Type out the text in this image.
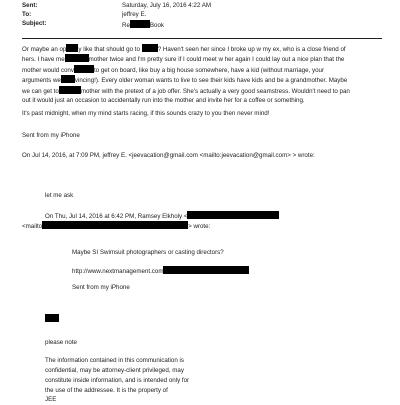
Sent:	Saturday, July 16, 2016 4:22 AM
To:	jeffrey E.
Subject:	Re	Book
Or maybe an op y like that should go to	? Haven't seen her since I broke up w my ex, who is a close friend of
hers. I have me	mother twice and I'm pretty sure if I could meet w her again I could lay out a nice plan that the
mother would conv	to get on board, like buy a big house somewhere, have a kid (without marriage, your
arguments we vincing!). Every older woman wants to live to see their kids have kids and be a grandmother. Maybe
we can get to	mother with the pretext of a job offer. She's actually a very good seamstress. Wouldn't need to pan
out it would just an occasion to accidentally run into the mother and invite her for a coffee or something.
It's past midnight, when my mind starts racing, if this sounds crazy to you then never mind!
Sent from my iPhone
On Jul 14, 2016, at 7:09 PM, jeffrey E. <jeevacation@gmail.com <mailto:jeevacation@gmail.com> > wrote:
let me ask
On Thu, Jul 14, 2016 at 6:42 PM, Ramsey Elkholy <
<mailto	> wrote:
Maybe SI Swimsuit photographers or casting directors?
http://www.nextmanagement.com
Sent from my iPhone
please note
The information contained in this communication is
confidential, may be attorney-client privileged, may
constitute inside information, and is intended only for
the use of the addressee. It is the property of
JEE
